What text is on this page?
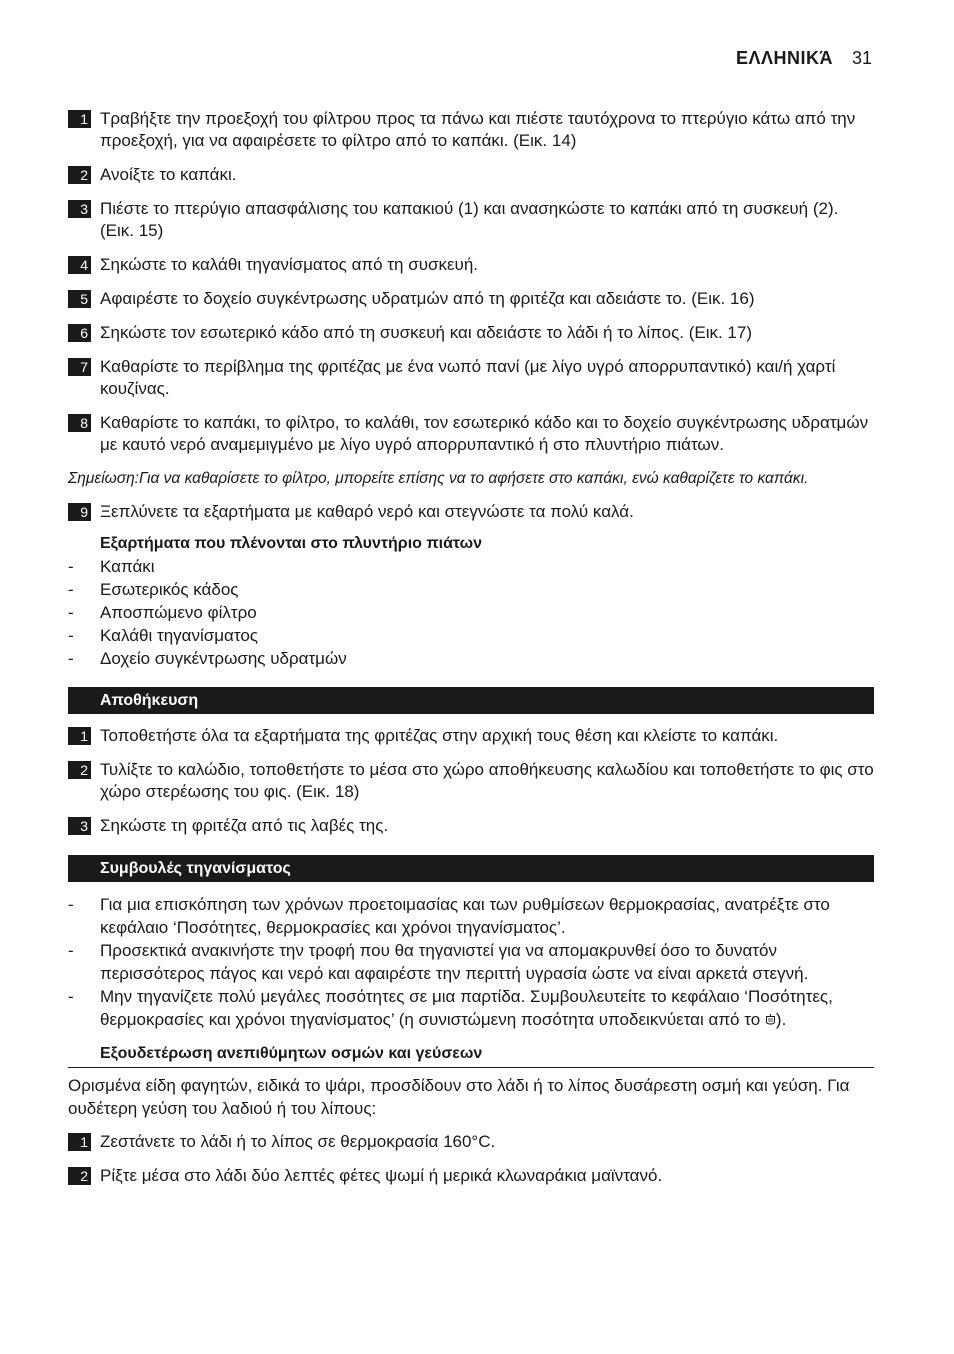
ΕΛΛΗΝΙΚΆ 31
1 Τραβήξτε την προεξοχή του φίλτρου προς τα πάνω και πιέστε ταυτόχρονα το πτερύγιο κάτω από την προεξοχή, για να αφαιρέσετε το φίλτρο από το καπάκι. (Εικ. 14)
2 Ανοίξτε το καπάκι.
3 Πιέστε το πτερύγιο απασφάλισης του καπακιού (1) και ανασηκώστε το καπάκι από τη συσκευή (2). (Εικ. 15)
4 Σηκώστε το καλάθι τηγανίσματος από τη συσκευή.
5 Αφαιρέστε το δοχείο συγκέντρωσης υδρατμών από τη φριτέζα και αδειάστε το. (Εικ. 16)
6 Σηκώστε τον εσωτερικό κάδο από τη συσκευή και αδειάστε το λάδι ή το λίπος. (Εικ. 17)
7 Καθαρίστε το περίβλημα της φριτέζας με ένα νωπό πανί (με λίγο υγρό απορρυπαντικό) και/ή χαρτί κουζίνας.
8 Καθαρίστε το καπάκι, το φίλτρο, το καλάθι, τον εσωτερικό κάδο και το δοχείο συγκέντρωσης υδρατμών με καυτό νερό αναμεμιγμένο με λίγο υγρό απορρυπαντικό ή στο πλυντήριο πιάτων.
Σημείωση:Για να καθαρίσετε το φίλτρο, μπορείτε επίσης να το αφήσετε στο καπάκι, ενώ καθαρίζετε το καπάκι.
9 Ξεπλύνετε τα εξαρτήματα με καθαρό νερό και στεγνώστε τα πολύ καλά.
Εξαρτήματα που πλένονται στο πλυντήριο πιάτων
- Καπάκι
- Εσωτερικός κάδος
- Αποσπώμενο φίλτρο
- Καλάθι τηγανίσματος
- Δοχείο συγκέντρωσης υδρατμών
Αποθήκευση
1 Τοποθετήστε όλα τα εξαρτήματα της φριτέζας στην αρχική τους θέση και κλείστε το καπάκι.
2 Τυλίξτε το καλώδιο, τοποθετήστε το μέσα στο χώρο αποθήκευσης καλωδίου και τοποθετήστε το φις στο χώρο στερέωσης του φις. (Εικ. 18)
3 Σηκώστε τη φριτέζα από τις λαβές της.
Συμβουλές τηγανίσματος
- Για μια επισκόπηση των χρόνων προετοιμασίας και των ρυθμίσεων θερμοκρασίας, ανατρέξτε στο κεφάλαιο ‘Ποσότητες, θερμοκρασίες και χρόνοι τηγανίσματος’.
- Προσεκτικά ανακινήστε την τροφή που θα τηγανιστεί για να απομακρυνθεί όσο το δυνατόν περισσότερος πάγος και νερό και αφαιρέστε την περιττή υγρασία ώστε να είναι αρκετά στεγνή.
- Μην τηγανίζετε πολύ μεγάλες ποσότητες σε μια παρτίδα. Συμβουλευτείτε το κεφάλαιο ‘Ποσότητες, θερμοκρασίες και χρόνοι τηγανίσματος’ (η συνιστώμενη ποσότητα υποδεικνύεται από το ).
Εξουδετέρωση ανεπιθύμητων οσμών και γεύσεων
Ορισμένα είδη φαγητών, ειδικά το ψάρι, προσδίδουν στο λάδι ή το λίπος δυσάρεστη οσμή και γεύση. Για ουδέτερη γεύση του λαδιού ή του λίπους:
1 Ζεστάνετε το λάδι ή το λίπος σε θερμοκρασία 160°C.
2 Ρίξτε μέσα στο λάδι δύο λεπτές φέτες ψωμί ή μερικά κλωναράκια μαϊντανό.
